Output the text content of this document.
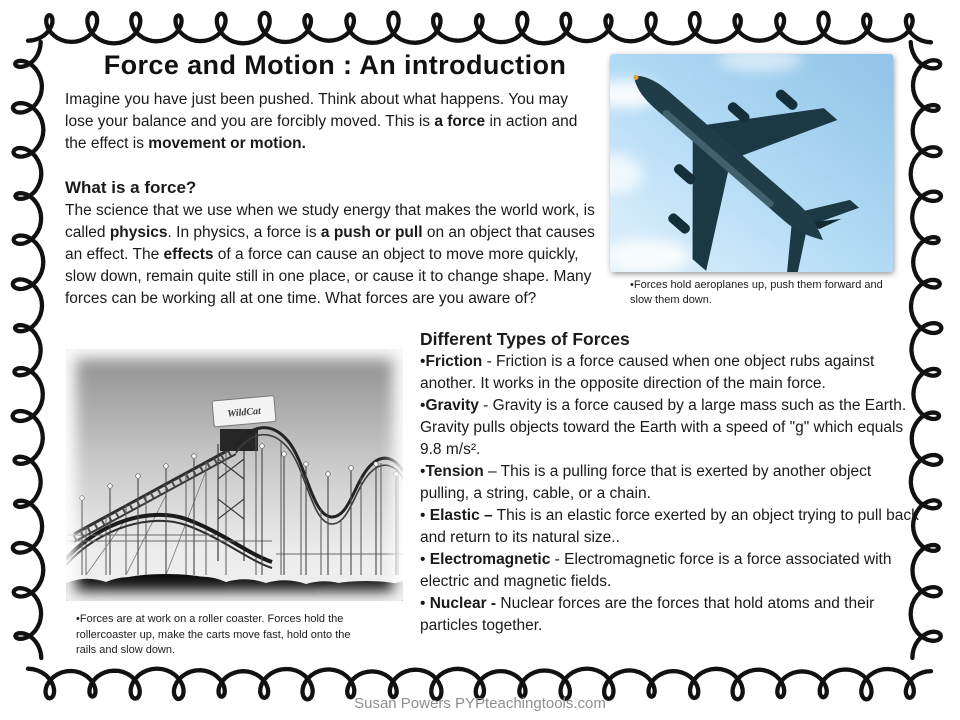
Force and Motion : An introduction

Imagine you have just been pushed. Think about what happens. You may lose your balance and you are forcibly moved. This is a force in action and the effect is movement or motion.

What is a force?

The science that we use when we study energy that makes the world work, is called physics. In physics, a force is a push or pull on an object that causes an effect. The effects of a force can cause an object to move more quickly, slow down, remain quite still in one place, or cause it to change shape. Many forces can be working all at one time. What forces are you aware of?

•Forces hold aeroplanes up, push them forward and slow them down.
Different Types of Forces

•Friction - Friction is a force caused when one object rubs against another. It works in the opposite direction of the main force.

•Gravity - Gravity is a force caused by a large mass such as the Earth. Gravity pulls objects toward the Earth with a speed of "g" which equals 9.8 m/s².

•Tension – This is a pulling force that is exerted by another object pulling, a string, cable, or a chain.

• Elastic – This is an elastic force exerted by an object trying to pull back and return to its natural size..

• Electromagnetic - Electromagnetic force is a force associated with electric and magnetic fields.

• Nuclear - Nuclear forces are the forces that hold atoms and their particles together.

WildCat
•Forces are at work on a roller coaster. Forces hold the rollercoaster up, make the carts move fast, hold onto the rails and slow down.
Susan Powers PYPteachingtools.com
